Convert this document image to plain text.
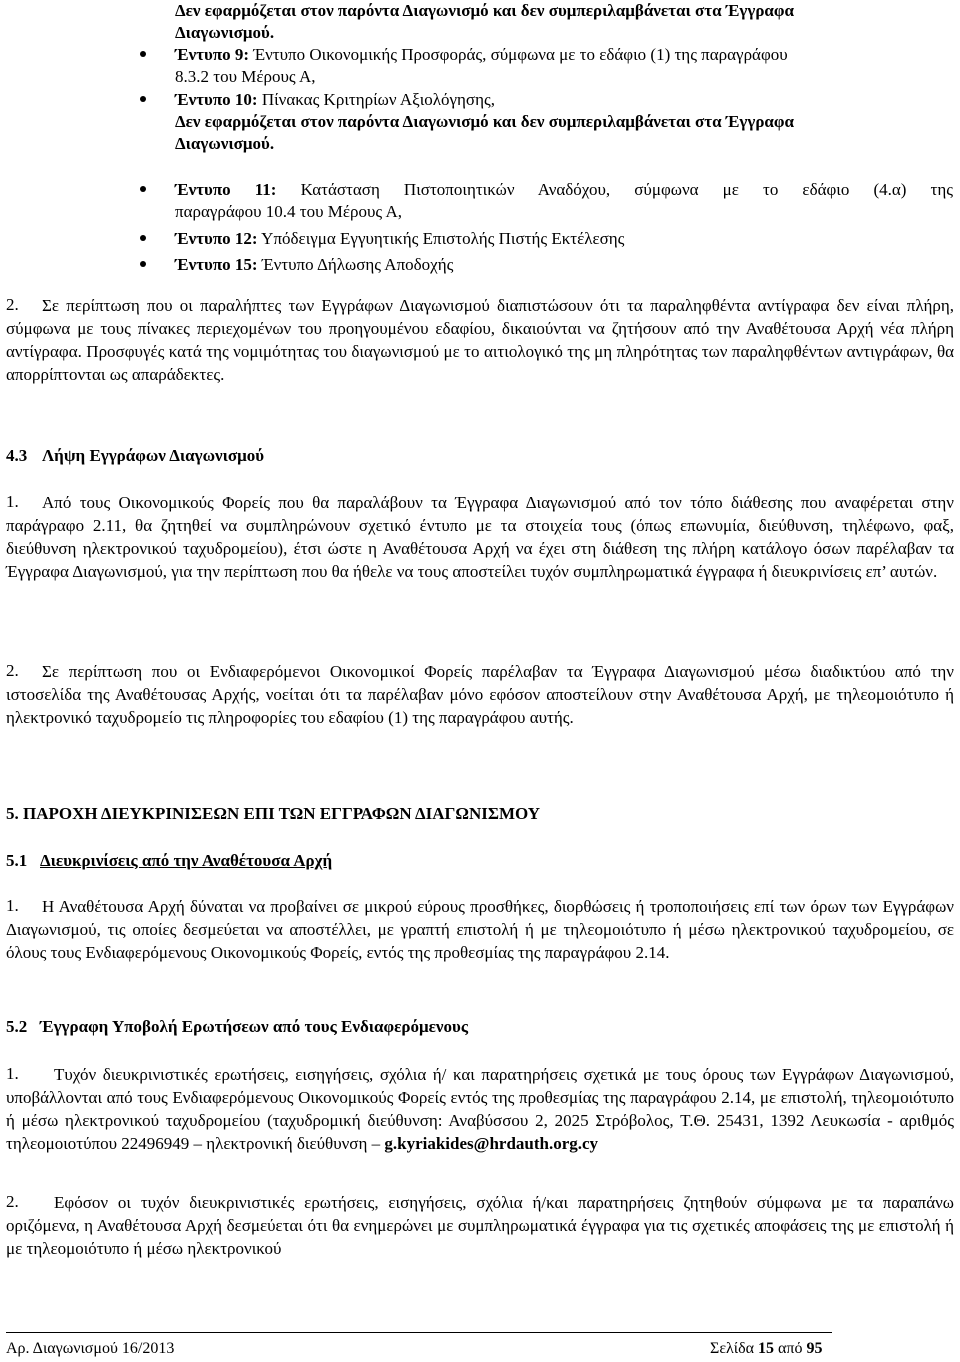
Δεν εφαρμόζεται στον παρόντα Διαγωνισμό και δεν συμπεριλαμβάνεται στα Έγγραφα
Διαγωνισμού.
Έντυπο 9: Έντυπο Οικονομικής Προσφοράς, σύμφωνα με το εδάφιο (1) της παραγράφου
8.3.2 του Μέρους Α,
Έντυπο 10: Πίνακας Κριτηρίων Αξιολόγησης,
Δεν εφαρμόζεται στον παρόντα Διαγωνισμό και δεν συμπεριλαμβάνεται στα Έγγραφα
Διαγωνισμού.
Έντυπο 11: Κατάσταση Πιστοποιητικών Αναδόχου, σύμφωνα με το εδάφιο (4.α) της
παραγράφου 10.4 του Μέρους Α,
Έντυπο 12: Υπόδειγμα Εγγυητικής Επιστολής Πιστής Εκτέλεσης
Έντυπο 15: Έντυπο Δήλωσης Αποδοχής
2.	Σε περίπτωση που οι παραλήπτες των Εγγράφων Διαγωνισμού διαπιστώσουν ότι τα παραληφθέντα αντίγραφα δεν είναι πλήρη, σύμφωνα με τους πίνακες περιεχομένων του προηγουμένου εδαφίου, δικαιούνται να ζητήσουν από την Αναθέτουσα Αρχή νέα πλήρη αντίγραφα. Προσφυγές κατά της νομιμότητας του διαγωνισμού με το αιτιολογικό της μη πληρότητας των παραληφθέντων αντιγράφων, θα απορρίπτονται ως απαράδεκτες.
4.3 Λήψη Εγγράφων Διαγωνισμού
1.	Από τους Οικονομικούς Φορείς που θα παραλάβουν τα Έγγραφα Διαγωνισμού από τον τόπο διάθεσης που αναφέρεται στην παράγραφο 2.11, θα ζητηθεί να συμπληρώνουν σχετικό έντυπο με τα στοιχεία τους (όπως επωνυμία, διεύθυνση, τηλέφωνο, φαξ, διεύθυνση ηλεκτρονικού ταχυδρομείου), έτσι ώστε η Αναθέτουσα Αρχή να έχει στη διάθεση της πλήρη κατάλογο όσων παρέλαβαν τα Έγγραφα Διαγωνισμού, για την περίπτωση που θα ήθελε να τους αποστείλει τυχόν συμπληρωματικά έγγραφα ή διευκρινίσεις επ’ αυτών.
2.	Σε περίπτωση που οι Ενδιαφερόμενοι Οικονομικοί Φορείς παρέλαβαν τα Έγγραφα Διαγωνισμού μέσω διαδικτύου από την ιστοσελίδα της Αναθέτουσας Αρχής, νοείται ότι τα παρέλαβαν μόνο εφόσον αποστείλουν στην Αναθέτουσα Αρχή, με τηλεομοιότυπο ή ηλεκτρονικό ταχυδρομείο τις πληροφορίες του εδαφίου (1) της παραγράφου αυτής.
5. ΠΑΡΟΧΗ ΔΙΕΥΚΡΙΝΙΣΕΩΝ ΕΠΙ ΤΩΝ ΕΓΓΡΑΦΩΝ ΔΙΑΓΩΝΙΣΜΟΥ
5.1 Διευκρινίσεις από την Αναθέτουσα Αρχή
1.	Η Αναθέτουσα Αρχή δύναται να προβαίνει σε μικρού εύρους προσθήκες, διορθώσεις ή τροποποιήσεις επί των όρων των Εγγράφων Διαγωνισμού, τις οποίες δεσμεύεται να αποστέλλει, με γραπτή επιστολή ή με τηλεομοιότυπο ή μέσω ηλεκτρονικού ταχυδρομείου, σε όλους τους Ενδιαφερόμενους Οικονομικούς Φορείς, εντός της προθεσμίας της παραγράφου 2.14.
5.2 Έγγραφη Υποβολή Ερωτήσεων από τους Ενδιαφερόμενους
1.	Τυχόν διευκρινιστικές ερωτήσεις, εισηγήσεις, σχόλια ή/ και παρατηρήσεις σχετικά με τους όρους των Εγγράφων Διαγωνισμού, υποβάλλονται από τους Ενδιαφερόμενους Οικονομικούς Φορείς εντός της προθεσμίας της παραγράφου 2.14, με επιστολή, τηλεομοιότυπο ή μέσω ηλεκτρονικού ταχυδρομείου (ταχυδρομική διεύθυνση: Αναβύσσου 2, 2025 Στρόβολος, Τ.Θ. 25431, 1392 Λευκωσία - αριθμός τηλεομοιοτύπου 22496949 – ηλεκτρονική διεύθυνση – g.kyriakides@hrdauth.org.cy
2.	Εφόσον οι τυχόν διευκρινιστικές ερωτήσεις, εισηγήσεις, σχόλια ή/και παρατηρήσεις ζητηθούν σύμφωνα με τα παραπάνω οριζόμενα, η Αναθέτουσα Αρχή δεσμεύεται ότι θα ενημερώνει με συμπληρωματικά έγγραφα για τις σχετικές αποφάσεις της με επιστολή ή με τηλεομοιότυπο ή μέσω ηλεκτρονικού
Αρ. Διαγωνισμού 16/2013	Σελίδα 15 από 95
